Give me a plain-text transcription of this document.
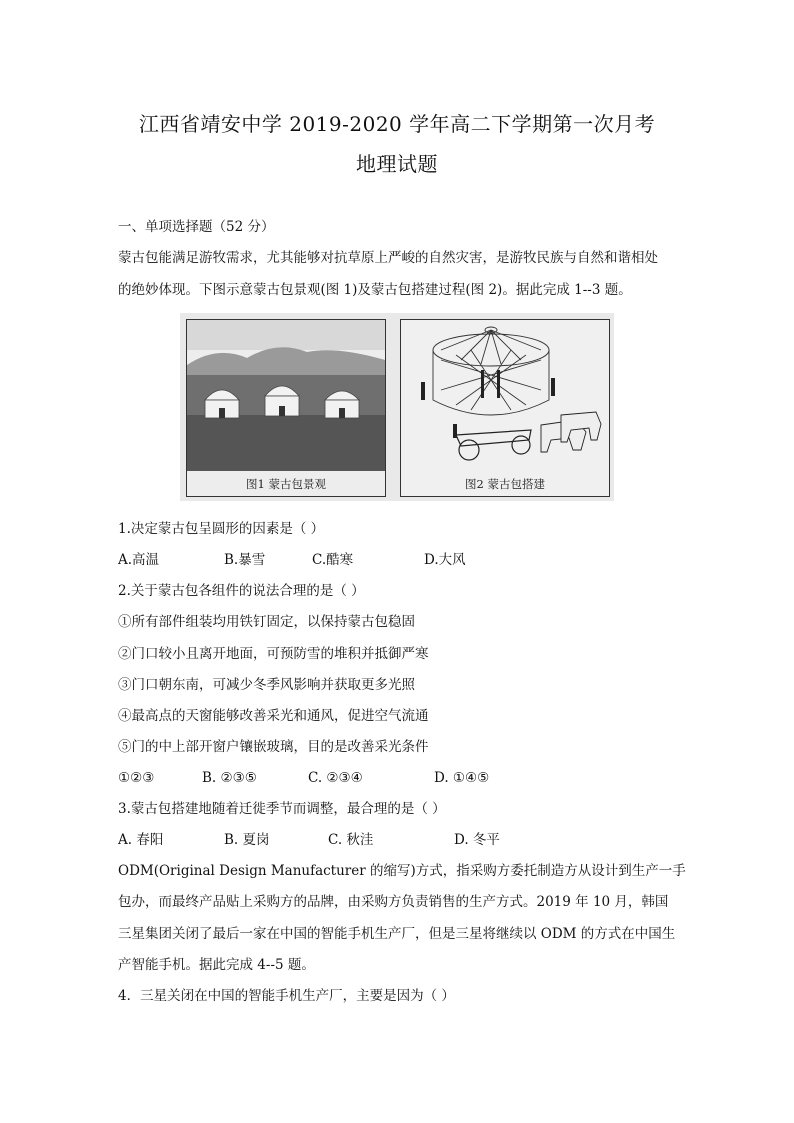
江西省靖安中学 2019-2020 学年高二下学期第一次月考
地理试题
一、单项选择题（52 分）
蒙古包能满足游牧需求，尤其能够对抗草原上严峻的自然灾害，是游牧民族与自然和谐相处
的绝妙体现。下图示意蒙古包景观(图 1)及蒙古包搭建过程(图 2)。据此完成 1--3 题。
图1 蒙古包景观	图2 蒙古包搭建
1.决定蒙古包呈圆形的因素是（ ）
A.高温	B.暴雪	C.酷寒	D.大风
2.关于蒙古包各组件的说法合理的是（ ）
①所有部件组装均用铁钉固定，以保持蒙古包稳固
②门口较小且离开地面，可预防雪的堆积并抵御严寒
③门口朝东南，可减少冬季风影响并获取更多光照
④最高点的天窗能够改善采光和通风，促进空气流通
⑤门的中上部开窗户镶嵌玻璃，目的是改善采光条件
①②③	B. ②③⑤	C. ②③④	D. ①④⑤
3.蒙古包搭建地随着迁徙季节而调整，最合理的是（ ）
A. 春阳	B. 夏岗	C. 秋洼	D. 冬平
ODM(Original Design Manufacturer 的缩写)方式，指采购方委托制造方从设计到生产一手
包办，而最终产品贴上采购方的品牌，由采购方负责销售的生产方式。2019 年 10 月，韩国
三星集团关闭了最后一家在中国的智能手机生产厂，但是三星将继续以 ODM 的方式在中国生
产智能手机。据此完成 4--5 题。
4．三星关闭在中国的智能手机生产厂，主要是因为（ ）
